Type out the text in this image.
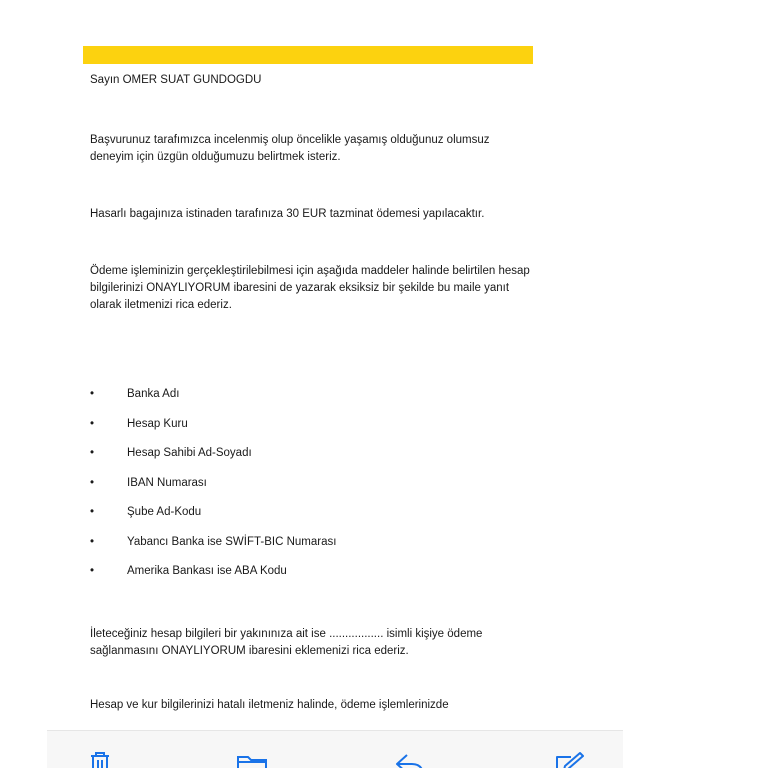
Sayın OMER SUAT GUNDOGDU

Başvurunuz tarafımızca incelenmiş olup öncelikle yaşamış olduğunuz olumsuz deneyim için üzgün olduğumuzu belirtmek isteriz.

Hasarlı bagajınıza istinaden tarafınıza 30 EUR tazminat ödemesi yapılacaktır.

Ödeme işleminizin gerçekleştirilebilmesi için aşağıda maddeler halinde belirtilen hesap bilgilerinizi ONAYLIYORUM ibaresini de yazarak eksiksiz bir şekilde bu maile yanıt olarak iletmenizi rica ederiz.

•	Banka Adı
•	Hesap Kuru
•	Hesap Sahibi Ad-Soyadı
•	IBAN Numarası
•	Şube Ad-Kodu
•	Yabancı Banka ise SWİFT-BIC Numarası
•	Amerika Bankası ise ABA Kodu

İleteceğiniz hesap bilgileri bir yakınınıza ait ise ................. isimli kişiye ödeme sağlanmasını ONAYLIYORUM ibaresini eklemenizi rica ederiz.

Hesap ve kur bilgilerinizi hatalı iletmeniz halinde, ödeme işlemlerinizde
